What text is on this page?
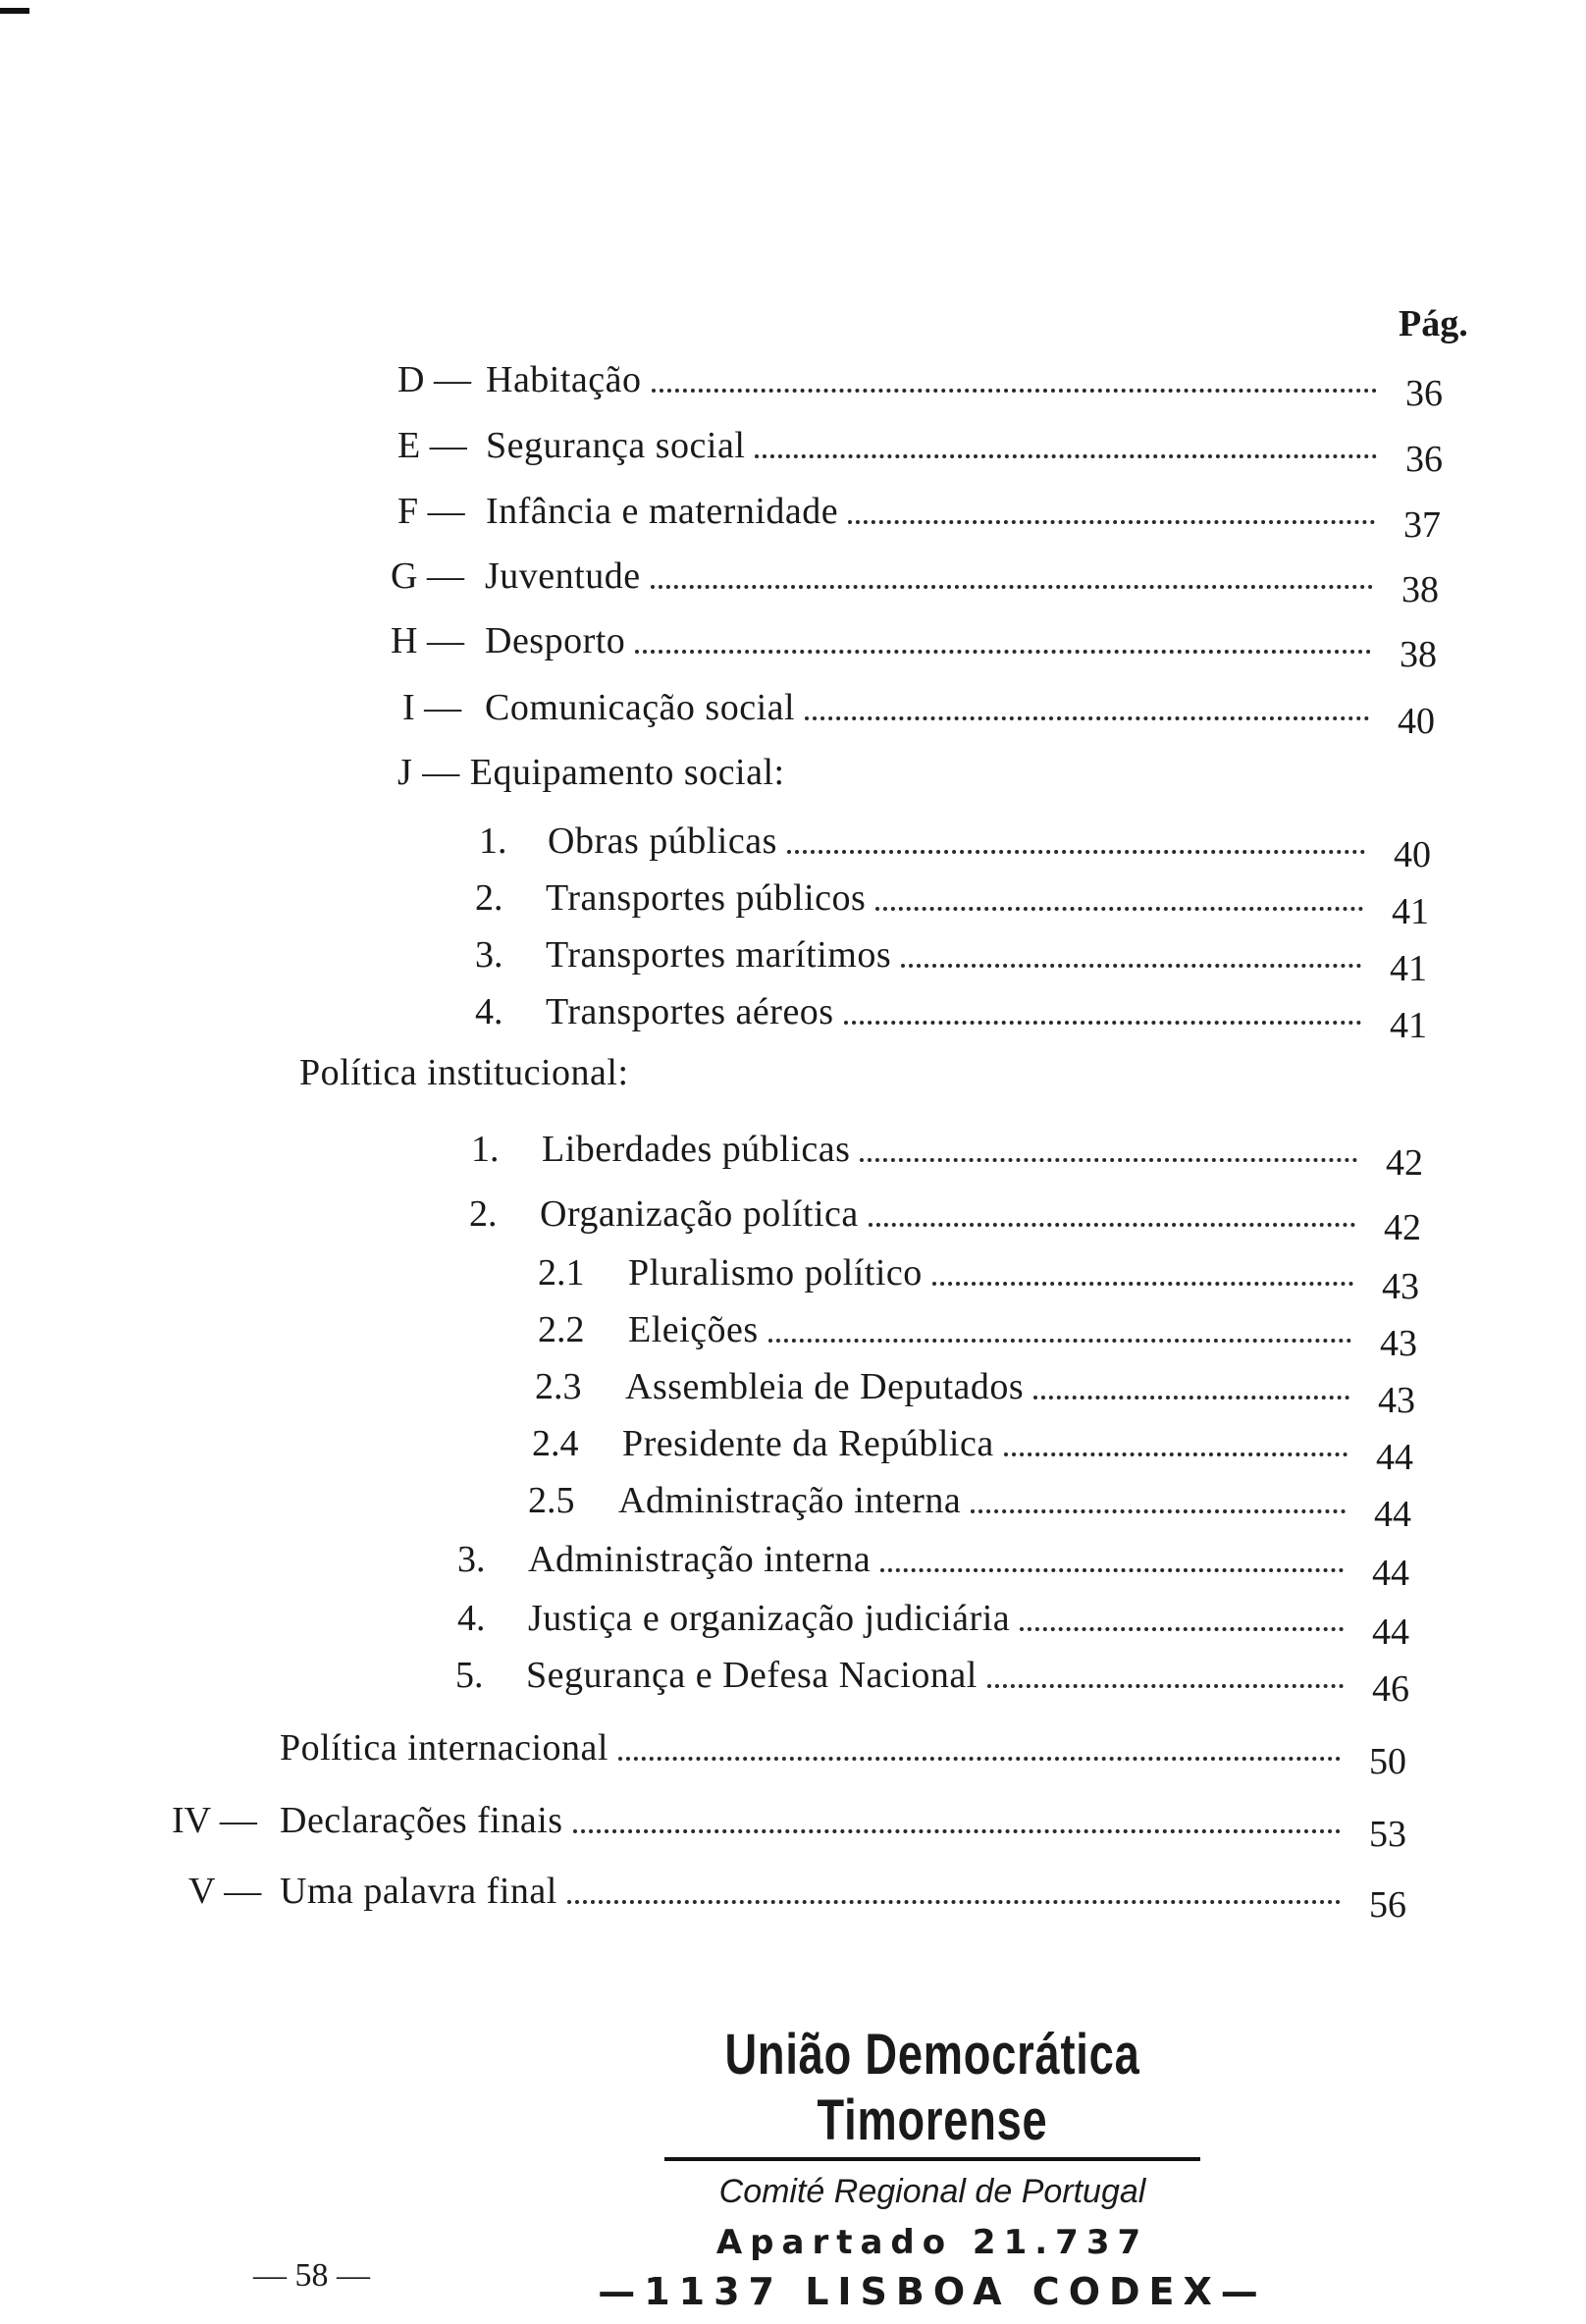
Pág.
D — Habitação	36
E — Segurança social	36
F — Infância e maternidade	37
G — Juventude	38
H — Desporto	38
I — Comunicação social	40
J — Equipamento social:
1.	Obras públicas	40
2.	Transportes públicos	41
3.	Transportes marítimos	41
4.	Transportes aéreos	41
Política institucional:
1.	Liberdades públicas	42
2.	Organização política	42
2.1	Pluralismo político	43
2.2	Eleições	43
2.3	Assembleia de Deputados	43
2.4	Presidente da República	44
2.5	Administração interna	44
3.	Administração interna	44
4.	Justiça e organização judiciária	44
5.	Segurança e Defesa Nacional	46
Política internacional	50
IV — Declarações finais	53
V — Uma palavra final	56
União Democrática Timorense
Comité Regional de Portugal
Apartado 21.737
—1137 LISBOA CODEX—
— 58 —
